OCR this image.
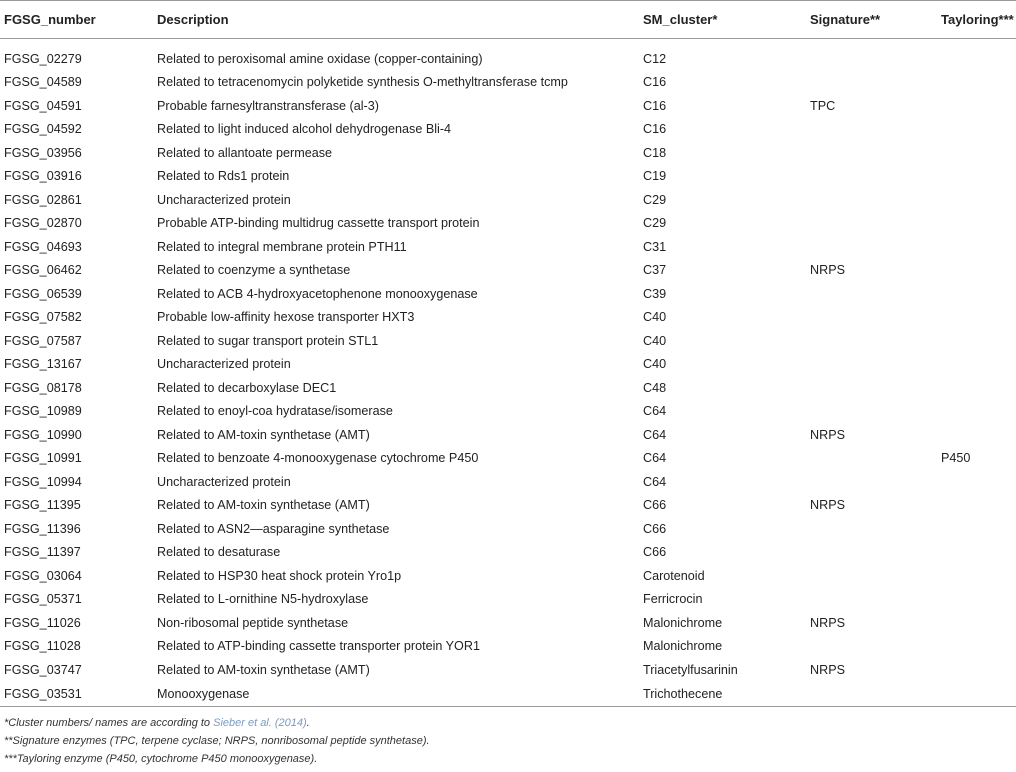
FGSG_number	Description	SM_cluster*	Signature**	Tayloring***

FGSG_02279	Related to peroxisomal amine oxidase (copper-containing)	C12		
FGSG_04589	Related to tetracenomycin polyketide synthesis O-methyltransferase tcmp	C16		
FGSG_04591	Probable farnesyltranstransferase (al-3)	C16	TPC	
FGSG_04592	Related to light induced alcohol dehydrogenase Bli-4	C16		
FGSG_03956	Related to allantoate permease	C18		
FGSG_03916	Related to Rds1 protein	C19		
FGSG_02861	Uncharacterized protein	C29		
FGSG_02870	Probable ATP-binding multidrug cassette transport protein	C29		
FGSG_04693	Related to integral membrane protein PTH11	C31		
FGSG_06462	Related to coenzyme a synthetase	C37	NRPS	
FGSG_06539	Related to ACB 4-hydroxyacetophenone monooxygenase	C39		
FGSG_07582	Probable low-affinity hexose transporter HXT3	C40		
FGSG_07587	Related to sugar transport protein STL1	C40		
FGSG_13167	Uncharacterized protein	C40		
FGSG_08178	Related to decarboxylase DEC1	C48		
FGSG_10989	Related to enoyl-coa hydratase/isomerase	C64		
FGSG_10990	Related to AM-toxin synthetase (AMT)	C64	NRPS	
FGSG_10991	Related to benzoate 4-monooxygenase cytochrome P450	C64		P450
FGSG_10994	Uncharacterized protein	C64		
FGSG_11395	Related to AM-toxin synthetase (AMT)	C66	NRPS	
FGSG_11396	Related to ASN2—asparagine synthetase	C66		
FGSG_11397	Related to desaturase	C66		
FGSG_03064	Related to HSP30 heat shock protein Yro1p	Carotenoid		
FGSG_05371	Related to L-ornithine N5-hydroxylase	Ferricrocin		
FGSG_11026	Non-ribosomal peptide synthetase	Malonichrome	NRPS	
FGSG_11028	Related to ATP-binding cassette transporter protein YOR1	Malonichrome		
FGSG_03747	Related to AM-toxin synthetase (AMT)	Triacetylfusarinin	NRPS	
FGSG_03531	Monooxygenase	Trichothecene		
*Cluster numbers/ names are according to Sieber et al. (2014).
**Signature enzymes (TPC, terpene cyclase; NRPS, nonribosomal peptide synthetase).
***Tayloring enzyme (P450, cytochrome P450 monooxygenase).
